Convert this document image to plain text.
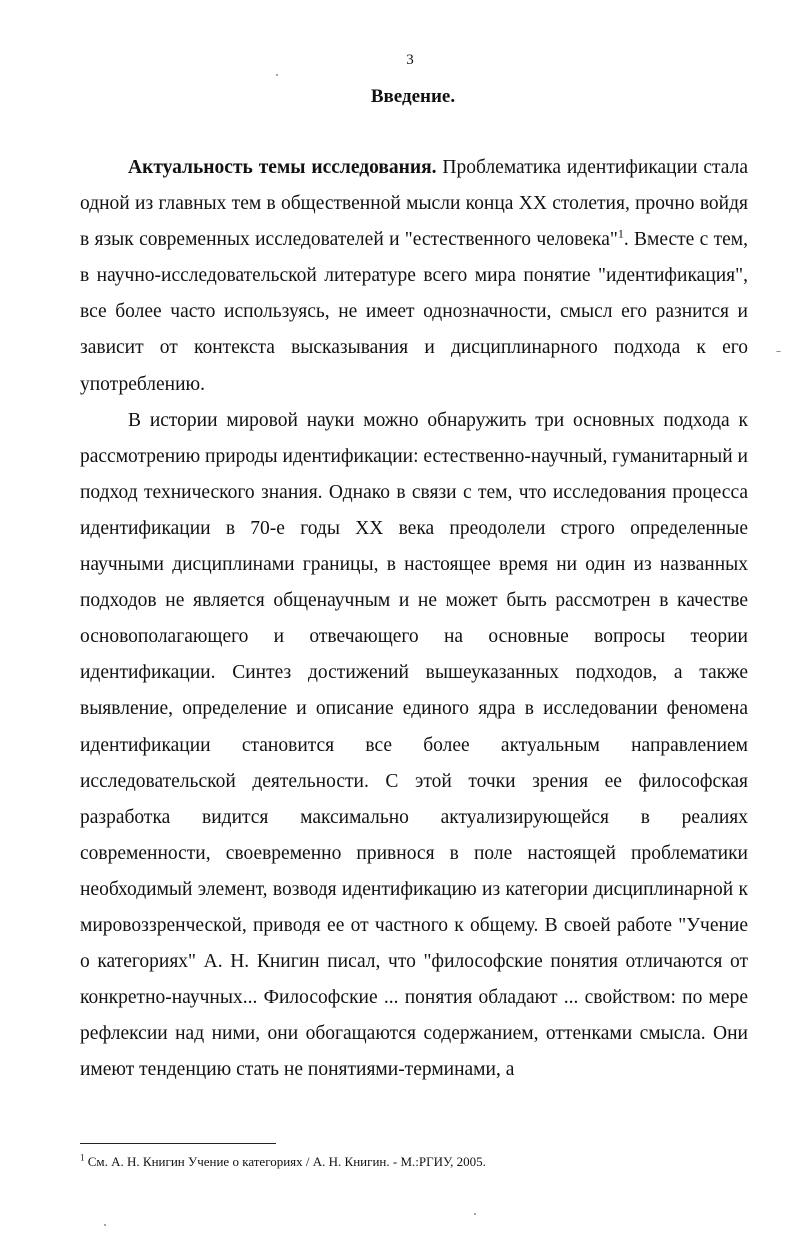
3
Введение.

Актуальность темы исследования. Проблематика идентификации стала одной из главных тем в общественной мысли конца XX столетия, прочно войдя в язык современных исследователей и "естественного человека"$^1$. Вместе с тем, в научно-исследовательской литературе всего мира понятие "идентификация", все более часто используясь, не имеет однозначности, смысл его разнится и зависит от контекста высказывания и дисциплинарного подхода к его употреблению.

В истории мировой науки можно обнаружить три основных подхода к рассмотрению природы идентификации: естественно-научный, гуманитарный и подход технического знания. Однако в связи с тем, что исследования процесса идентификации в 70-е годы XX века преодолели строго определенные научными дисциплинами границы, в настоящее время ни один из названных подходов не является общенаучным и не может быть рассмотрен в качестве основополагающего и отвечающего на основные вопросы теории идентификации. Синтез достижений вышеуказанных подходов, а также выявление, определение и описание единого ядра в исследовании феномена идентификации становится все более актуальным направлением исследовательской деятельности. С этой точки зрения ее философская разработка видится максимально актуализирующейся в реалиях современности, своевременно привнося в поле настоящей проблематики необходимый элемент, возводя идентификацию из категории дисциплинарной к мировоззренческой, приводя ее от частного к общему. В своей работе "Учение о категориях" А. Н. Книгин писал, что "философские понятия отличаются от конкретно-научных... Философские ... понятия обладают ... свойством: по мере рефлексии над ними, они обогащаются содержанием, оттенками смысла. Они имеют тенденцию стать не понятиями-терминами, а

$^1$ См. А. Н. Книгин Учение о категориях / А. Н. Книгин. - М.:РГИУ, 2005.
